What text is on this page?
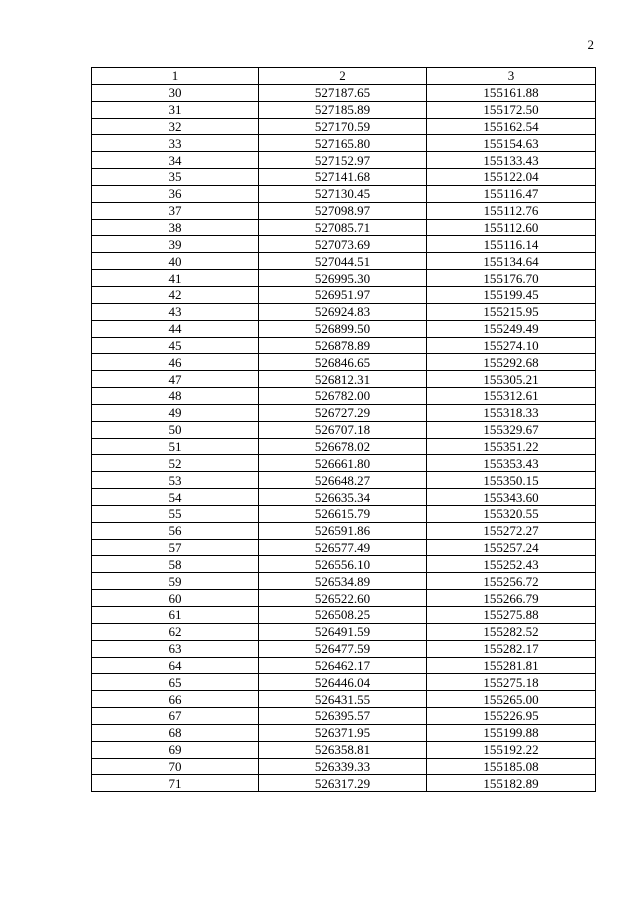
2
1	2	3
30	527187.65	155161.88
31	527185.89	155172.50
32	527170.59	155162.54
33	527165.80	155154.63
34	527152.97	155133.43
35	527141.68	155122.04
36	527130.45	155116.47
37	527098.97	155112.76
38	527085.71	155112.60
39	527073.69	155116.14
40	527044.51	155134.64
41	526995.30	155176.70
42	526951.97	155199.45
43	526924.83	155215.95
44	526899.50	155249.49
45	526878.89	155274.10
46	526846.65	155292.68
47	526812.31	155305.21
48	526782.00	155312.61
49	526727.29	155318.33
50	526707.18	155329.67
51	526678.02	155351.22
52	526661.80	155353.43
53	526648.27	155350.15
54	526635.34	155343.60
55	526615.79	155320.55
56	526591.86	155272.27
57	526577.49	155257.24
58	526556.10	155252.43
59	526534.89	155256.72
60	526522.60	155266.79
61	526508.25	155275.88
62	526491.59	155282.52
63	526477.59	155282.17
64	526462.17	155281.81
65	526446.04	155275.18
66	526431.55	155265.00
67	526395.57	155226.95
68	526371.95	155199.88
69	526358.81	155192.22
70	526339.33	155185.08
71	526317.29	155182.89
